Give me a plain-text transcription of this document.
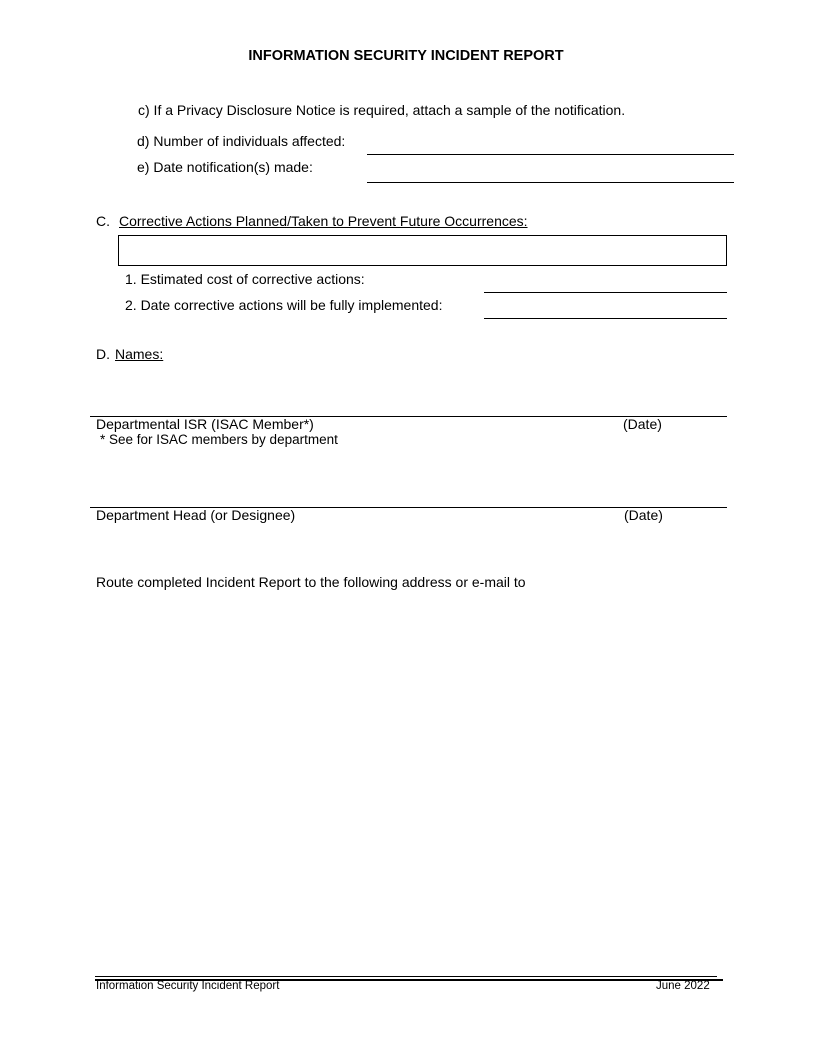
INFORMATION SECURITY INCIDENT REPORT
c) If a Privacy Disclosure Notice is required, attach a sample of the notification.
d) Number of individuals affected:
e) Date notification(s) made:
C. Corrective Actions Planned/Taken to Prevent Future Occurrences:
1. Estimated cost of corrective actions:
2. Date corrective actions will be fully implemented:
D. Names:
Departmental ISR (ISAC Member*)	(Date)
* See for ISAC members by department
Department Head (or Designee)	(Date)
Route completed Incident Report to the following address or e-mail to
Information Security Incident Report	June 2022
